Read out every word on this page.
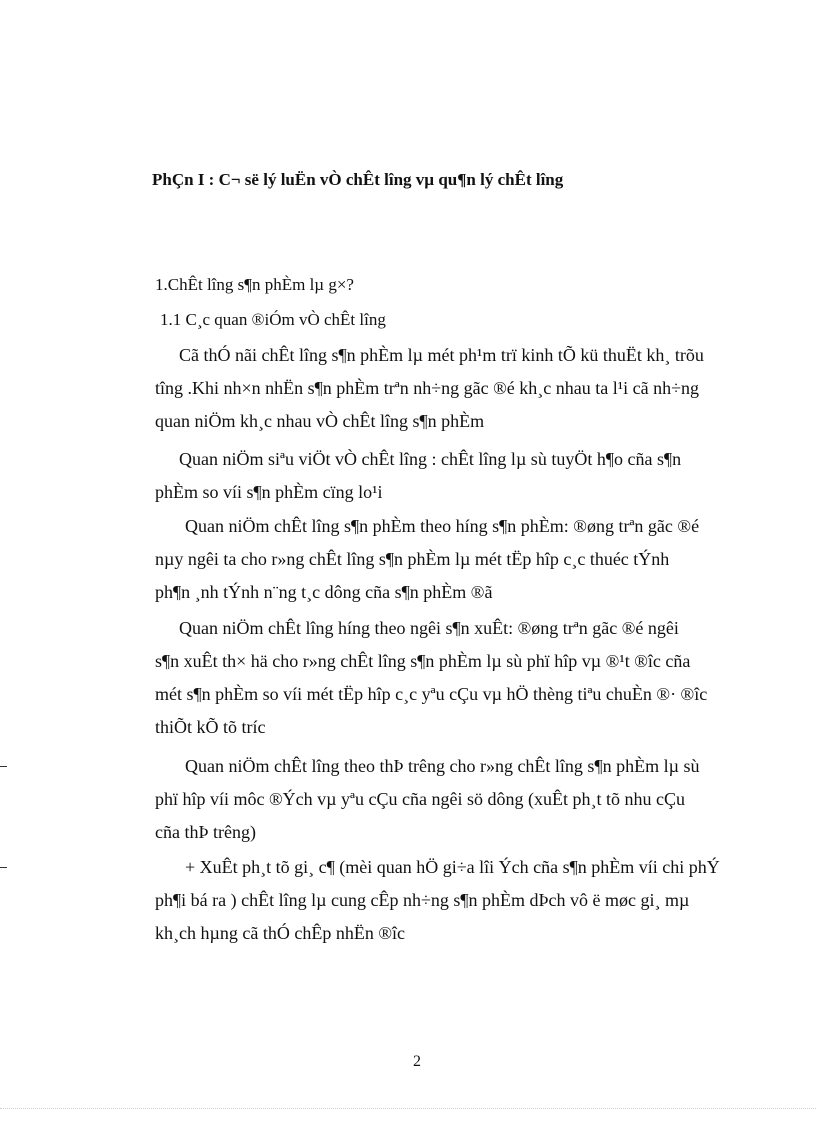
PhÇn I : C¬ së lý luËn vÒ chÊt lîng vµ qu¶n lý chÊt lîng
1.ChÊt lîng s¶n phÈm lµ g×?
1.1 C¸c quan ®iÓm vÒ chÊt lîng
Cã thÓ nãi chÊt lîng s¶n phÈm lµ mét ph¹m trï kinh tÕ kü thuËt kh¸ trõu
tîng .Khi nh×n nhËn s¶n phÈm trªn nh÷ng gãc ®é kh¸c nhau ta l¹i cã nh÷ng
quan niÖm kh¸c nhau vÒ chÊt lîng s¶n phÈm
Quan niÖm siªu viÖt vÒ chÊt lîng : chÊt lîng lµ sù tuyÖt h¶o cña s¶n
phÈm so víi s¶n phÈm cïng lo¹i
Quan niÖm chÊt lîng s¶n phÈm theo híng s¶n phÈm: ®øng trªn gãc ®é
nµy ngêi ta cho r»ng chÊt lîng s¶n phÈm lµ mét tËp hîp c¸c thuéc tÝnh
ph¶n ¸nh tÝnh n¨ng t¸c dông cña s¶n phÈm ®ã
Quan niÖm chÊt lîng híng theo ngêi s¶n xuÊt: ®øng trªn gãc ®é ngêi
s¶n xuÊt th× hä cho r»ng chÊt lîng s¶n phÈm lµ sù phï hîp vµ ®¹t ®îc cña
mét s¶n phÈm so víi mét tËp hîp c¸c yªu cÇu vµ hÖ thèng tiªu chuÈn ®· ®îc
thiÕt kÕ tõ tríc
Quan niÖm chÊt lîng theo thÞ trêng cho r»ng chÊt lîng s¶n phÈm lµ sù
phï hîp víi môc ®Ých vµ yªu cÇu cña ngêi sö dông (xuÊt ph¸t tõ nhu cÇu
cña thÞ trêng)
+ XuÊt ph¸t tõ gi¸ c¶ (mèi quan hÖ gi÷a lîi Ých cña s¶n phÈm víi chi phÝ
ph¶i bá ra ) chÊt lîng lµ cung cÊp nh÷ng s¶n phÈm dÞch vô ë møc gi¸ mµ
kh¸ch hµng cã thÓ chÊp nhËn ®îc
2
